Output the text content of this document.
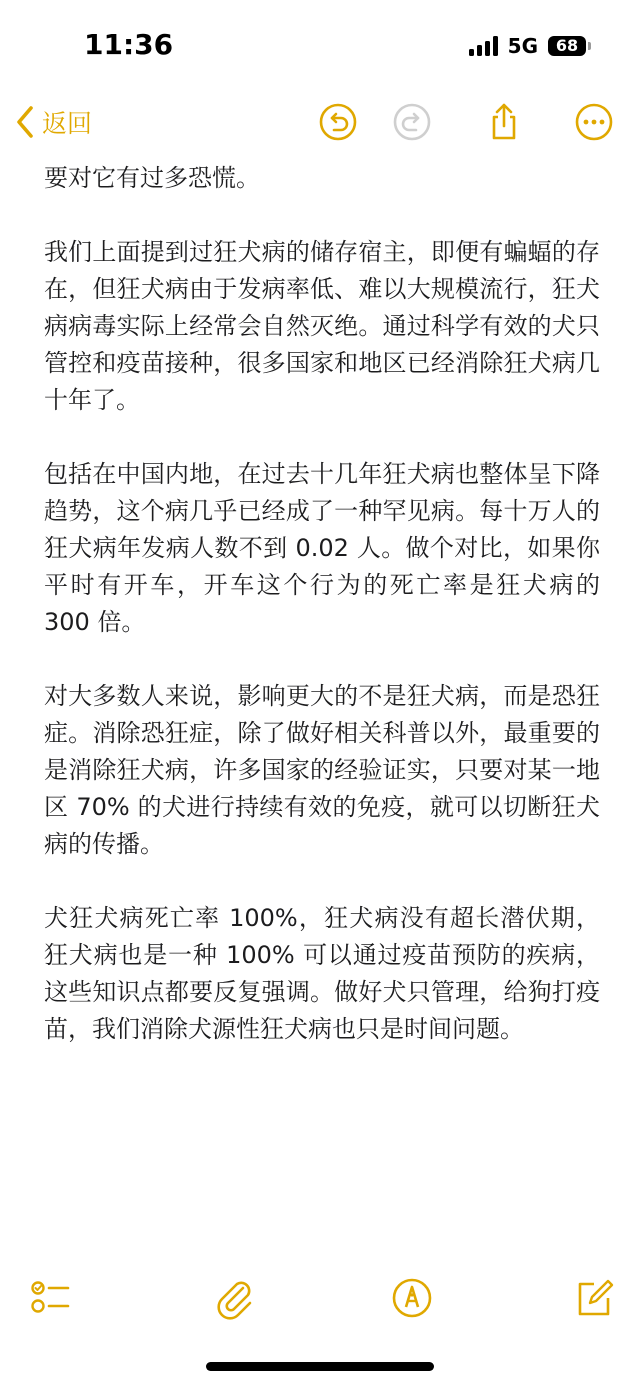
11:36	5G	68
返回

要对它有过多恐慌。

我们上面提到过狂犬病的储存宿主，即便有蝙蝠的存在，但狂犬病由于发病率低、难以大规模流行，狂犬病病毒实际上经常会自然灭绝。通过科学有效的犬只管控和疫苗接种，很多国家和地区已经消除狂犬病几十年了。

包括在中国内地，在过去十几年狂犬病也整体呈下降趋势，这个病几乎已经成了一种罕见病。每十万人的狂犬病年发病人数不到 0.02 人。做个对比，如果你平时有开车，开车这个行为的死亡率是狂犬病的 300 倍。

对大多数人来说，影响更大的不是狂犬病，而是恐狂症。消除恐狂症，除了做好相关科普以外，最重要的是消除狂犬病，许多国家的经验证实，只要对某一地区 70% 的犬进行持续有效的免疫，就可以切断狂犬病的传播。

犬狂犬病死亡率 100%，狂犬病没有超长潜伏期，狂犬病也是一种 100% 可以通过疫苗预防的疾病，这些知识点都要反复强调。做好犬只管理，给狗打疫苗，我们消除犬源性狂犬病也只是时间问题。
